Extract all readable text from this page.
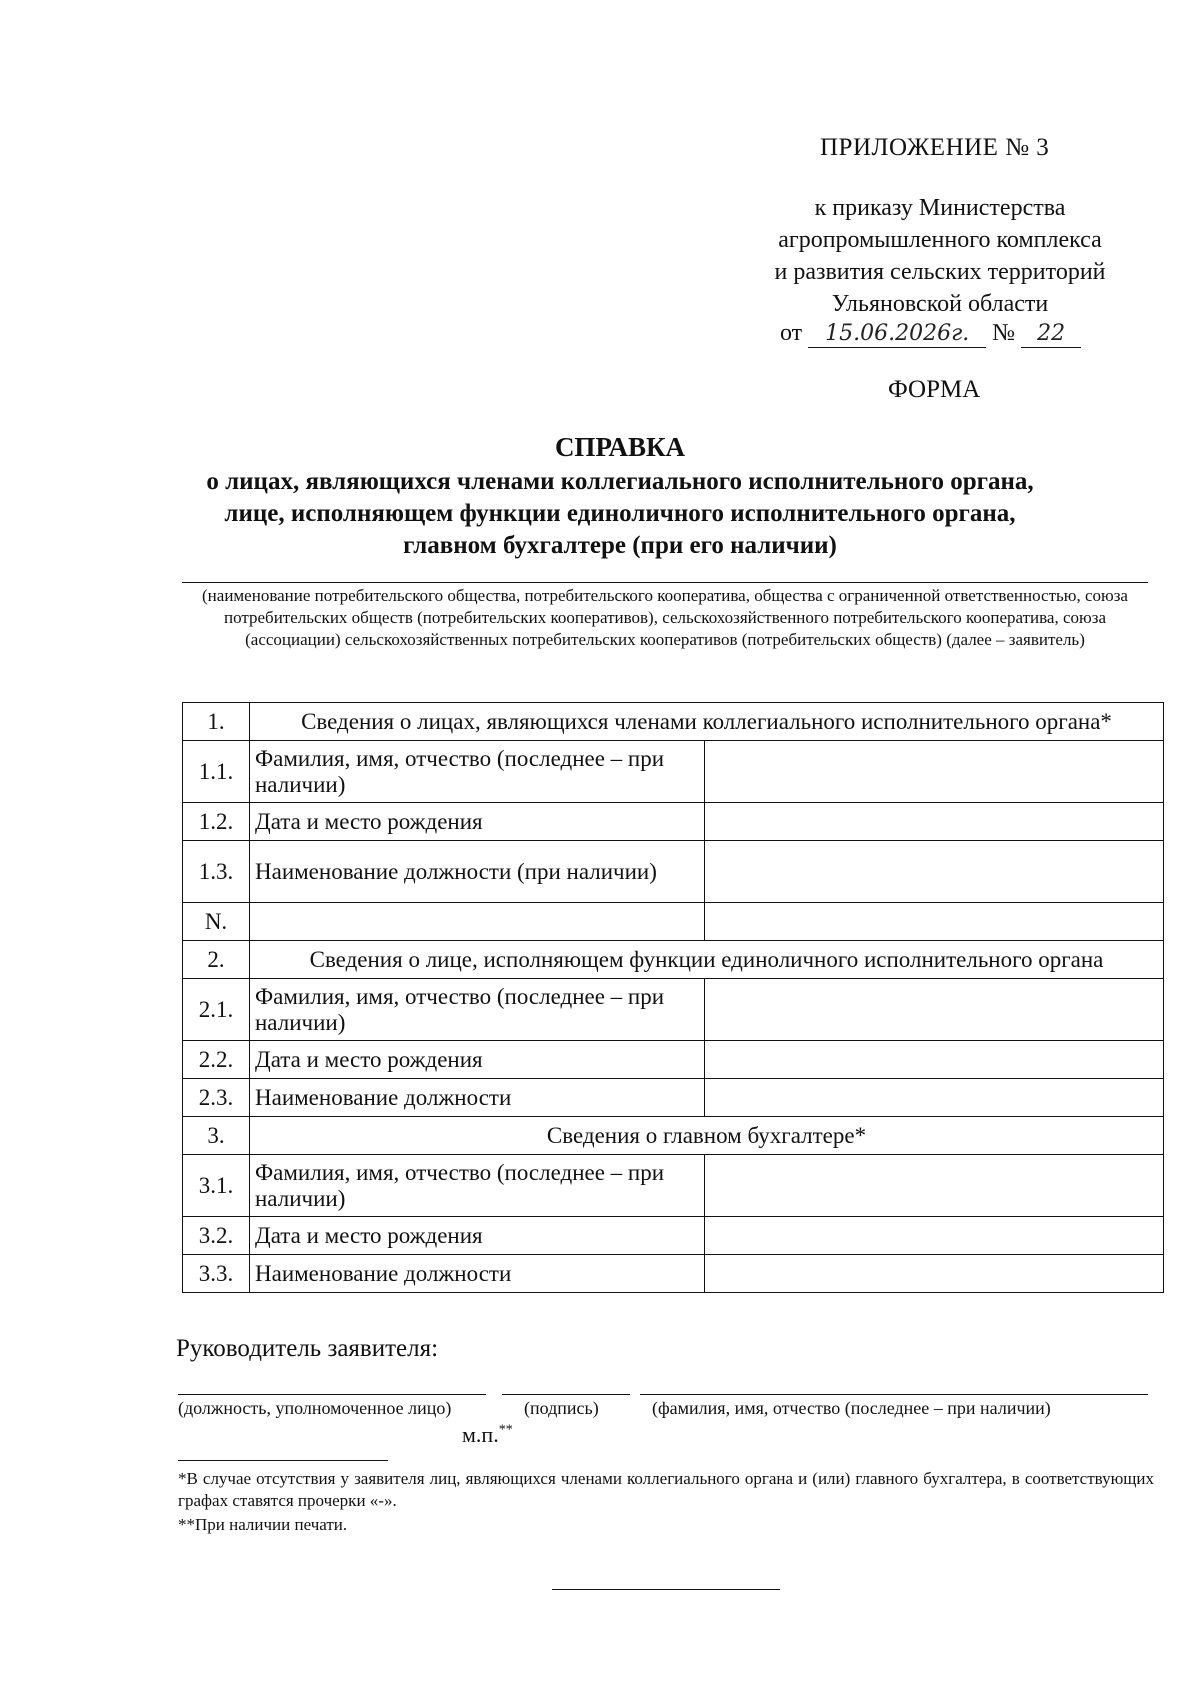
ПРИЛОЖЕНИЕ № 3
к приказу Министерства
агропромышленного комплекса
и развития сельских территорий
Ульяновской области
от 15.06.2026г. № 22
ФОРМА
СПРАВКА
о лицах, являющихся членами коллегиального исполнительного органа,
лице, исполняющем функции единоличного исполнительного органа,
главном бухгалтере (при его наличии)
(наименование потребительского общества, потребительского кооператива, общества с ограниченной ответственностью, союза потребительских обществ (потребительских кооперативов), сельскохозяйственного потребительского кооператива, союза (ассоциации) сельскохозяйственных потребительских кооперативов (потребительских обществ) (далее – заявитель)
1.	Сведения о лицах, являющихся членами коллегиального исполнительного органа*	
1.1.	Фамилия, имя, отчество (последнее – при наличии)	
1.2.	Дата и место рождения	
1.3.	Наименование должности (при наличии)	
N.		
2.	Сведения о лице, исполняющем функции единоличного исполнительного органа	
2.1.	Фамилия, имя, отчество (последнее – при наличии)	
2.2.	Дата и место рождения	
2.3.	Наименование должности	
3.	Сведения о главном бухгалтере*	
3.1.	Фамилия, имя, отчество (последнее – при наличии)	
3.2.	Дата и место рождения	
3.3.	Наименование должности	
Руководитель заявителя:
(должность, уполномоченное лицо)	(подпись)	(фамилия, имя, отчество (последнее – при наличии)
м.п.**
*В случае отсутствия у заявителя лиц, являющихся членами коллегиального органа и (или) главного бухгалтера, в соответствующих графах ставятся прочерки «-».
**При наличии печати.
